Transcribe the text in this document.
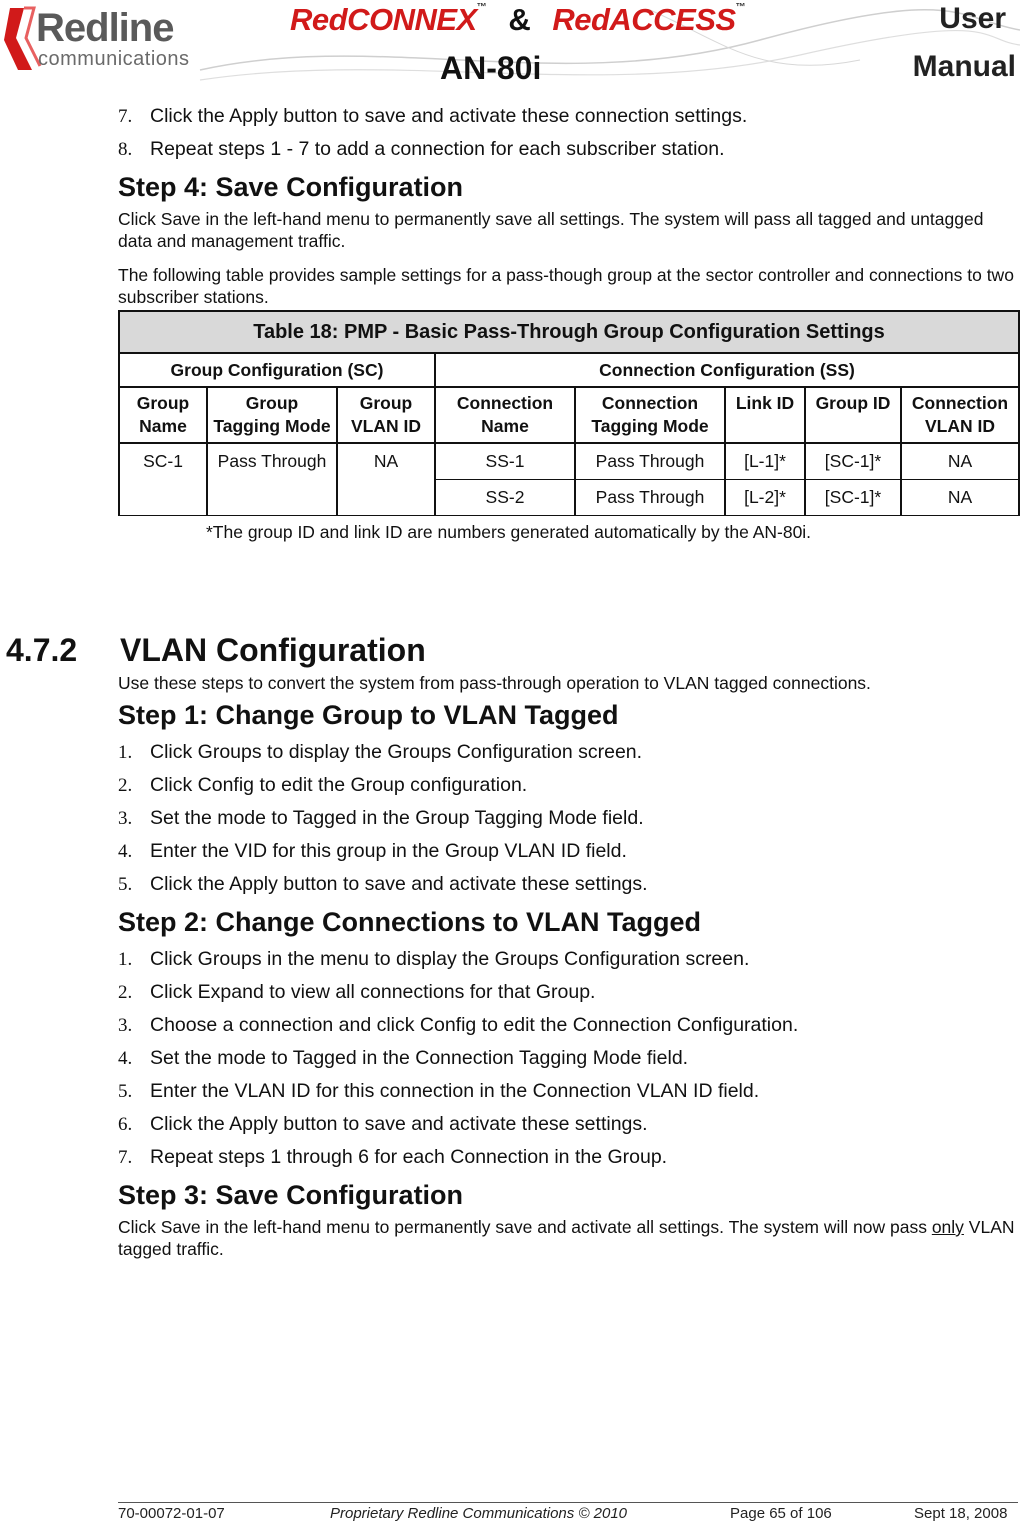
Redline
communications
RedCONNEX™ & RedACCESS™
AN-80i
User
Manual
7. Click the Apply button to save and activate these connection settings.
8. Repeat steps 1 - 7 to add a connection for each subscriber station.
Step 4: Save Configuration

Click Save in the left-hand menu to permanently save all settings. The system will pass all tagged and untagged data and management traffic.

The following table provides sample settings for a pass-though group at the sector controller and connections to two subscriber stations.

Table 18: PMP - Basic Pass-Through Group Configuration Settings							
Group Configuration (SC)			Connection Configuration (SS)				
Group Name	Group Tagging Mode	Group VLAN ID	Connection Name	Connection Tagging Mode	Link ID	Group ID	Connection VLAN ID
SC-1	Pass Through	NA	SS-1	Pass Through	[L-1]*	[SC-1]*	NA
			SS-2	Pass Through	[L-2]*	[SC-1]*	NA
*The group ID and link ID are numbers generated automatically by the AN-80i.
4.7.2 VLAN Configuration

Use these steps to convert the system from pass-through operation to VLAN tagged connections.

Step 1: Change Group to VLAN Tagged
1. Click Groups to display the Groups Configuration screen.
2. Click Config to edit the Group configuration.
3. Set the mode to Tagged in the Group Tagging Mode field.
4. Enter the VID for this group in the Group VLAN ID field.
5. Click the Apply button to save and activate these settings.
Step 2: Change Connections to VLAN Tagged
1. Click Groups in the menu to display the Groups Configuration screen.
2. Click Expand to view all connections for that Group.
3. Choose a connection and click Config to edit the Connection Configuration.
4. Set the mode to Tagged in the Connection Tagging Mode field.
5. Enter the VLAN ID for this connection in the Connection VLAN ID field.
6. Click the Apply button to save and activate these settings.
7. Repeat steps 1 through 6 for each Connection in the Group.
Step 3: Save Configuration

Click Save in the left-hand menu to permanently save and activate all settings. The system will now pass only VLAN tagged traffic.

70-00072-01-07	Proprietary Redline Communications © 2010	Page 65 of 106	Sept 18, 2008
